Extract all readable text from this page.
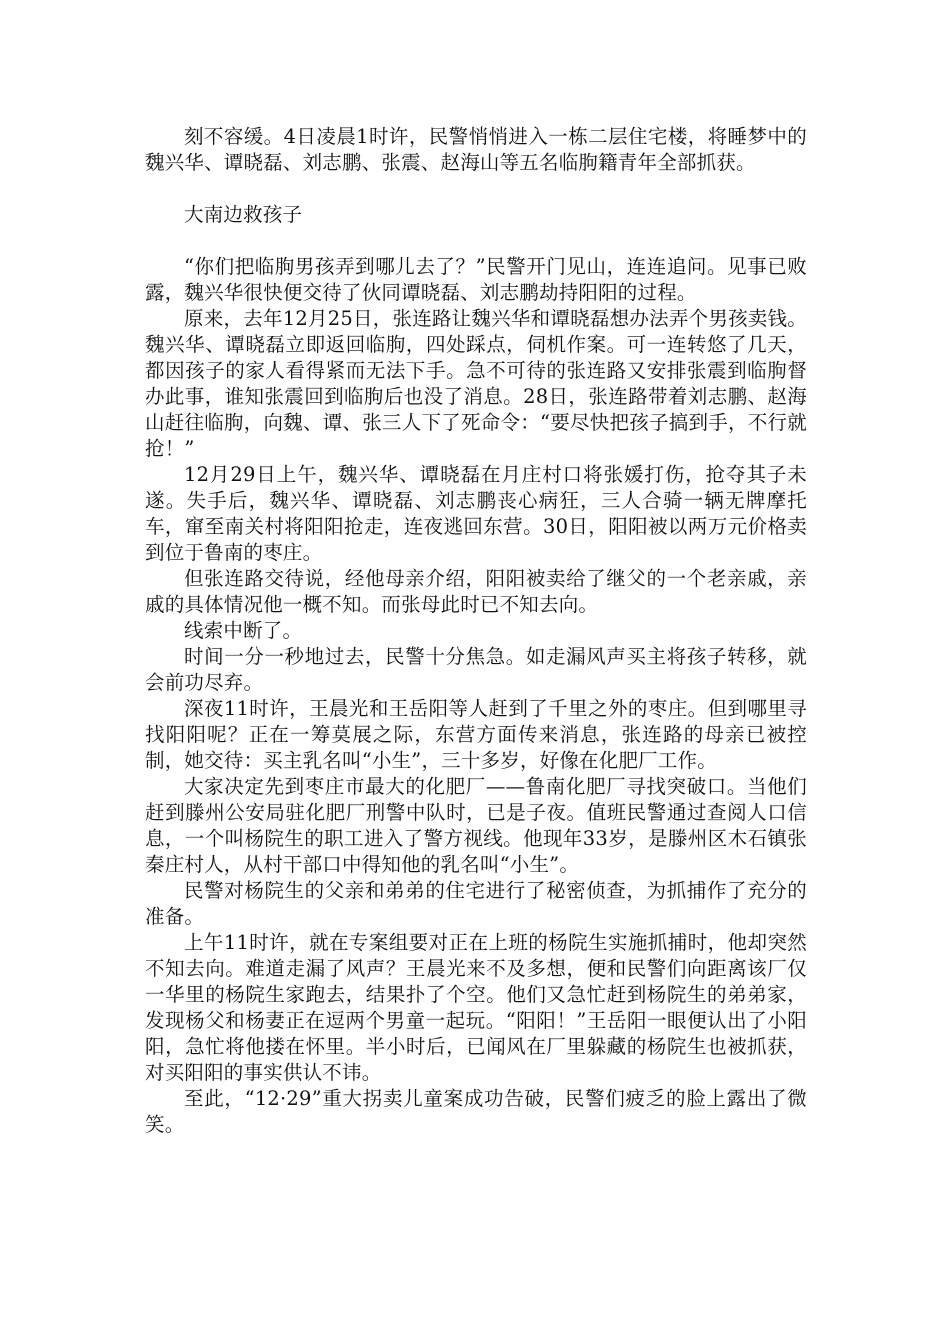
刻不容缓。4日凌晨1时许，民警悄悄进入一栋二层住宅楼，将睡梦中的魏兴华、谭晓磊、刘志鹏、张震、赵海山等五名临朐籍青年全部抓获。

大南边救孩子

“你们把临朐男孩弄到哪儿去了？”民警开门见山，连连追问。见事已败露，魏兴华很快便交待了伙同谭晓磊、刘志鹏劫持阳阳的过程。

原来，去年12月25日，张连路让魏兴华和谭晓磊想办法弄个男孩卖钱。魏兴华、谭晓磊立即返回临朐，四处踩点，伺机作案。可一连转悠了几天，都因孩子的家人看得紧而无法下手。急不可待的张连路又安排张震到临朐督办此事，谁知张震回到临朐后也没了消息。28日，张连路带着刘志鹏、赵海山赶往临朐，向魏、谭、张三人下了死命令：“要尽快把孩子搞到手，不行就抢！”

12月29日上午，魏兴华、谭晓磊在月庄村口将张媛打伤，抢夺其子未遂。失手后，魏兴华、谭晓磊、刘志鹏丧心病狂，三人合骑一辆无牌摩托车，窜至南关村将阳阳抢走，连夜逃回东营。30日，阳阳被以两万元价格卖到位于鲁南的枣庄。

但张连路交待说，经他母亲介绍，阳阳被卖给了继父的一个老亲戚，亲戚的具体情况他一概不知。而张母此时已不知去向。

线索中断了。

时间一分一秒地过去，民警十分焦急。如走漏风声买主将孩子转移，就会前功尽弃。

深夜11时许，王晨光和王岳阳等人赶到了千里之外的枣庄。但到哪里寻找阳阳呢？正在一筹莫展之际，东营方面传来消息，张连路的母亲已被控制，她交待：买主乳名叫“小生”，三十多岁，好像在化肥厂工作。

大家决定先到枣庄市最大的化肥厂——鲁南化肥厂寻找突破口。当他们赶到滕州公安局驻化肥厂刑警中队时，已是子夜。值班民警通过查阅人口信息，一个叫杨院生的职工进入了警方视线。他现年33岁，是滕州区木石镇张秦庄村人，从村干部口中得知他的乳名叫“小生”。

民警对杨院生的父亲和弟弟的住宅进行了秘密侦查，为抓捕作了充分的准备。

上午11时许，就在专案组要对正在上班的杨院生实施抓捕时，他却突然不知去向。难道走漏了风声？王晨光来不及多想，便和民警们向距离该厂仅一华里的杨院生家跑去，结果扑了个空。他们又急忙赶到杨院生的弟弟家，发现杨父和杨妻正在逗两个男童一起玩。“阳阳！”王岳阳一眼便认出了小阳阳，急忙将他搂在怀里。半小时后，已闻风在厂里躲藏的杨院生也被抓获，对买阳阳的事实供认不讳。

至此，“12·29”重大拐卖儿童案成功告破，民警们疲乏的脸上露出了微笑。
